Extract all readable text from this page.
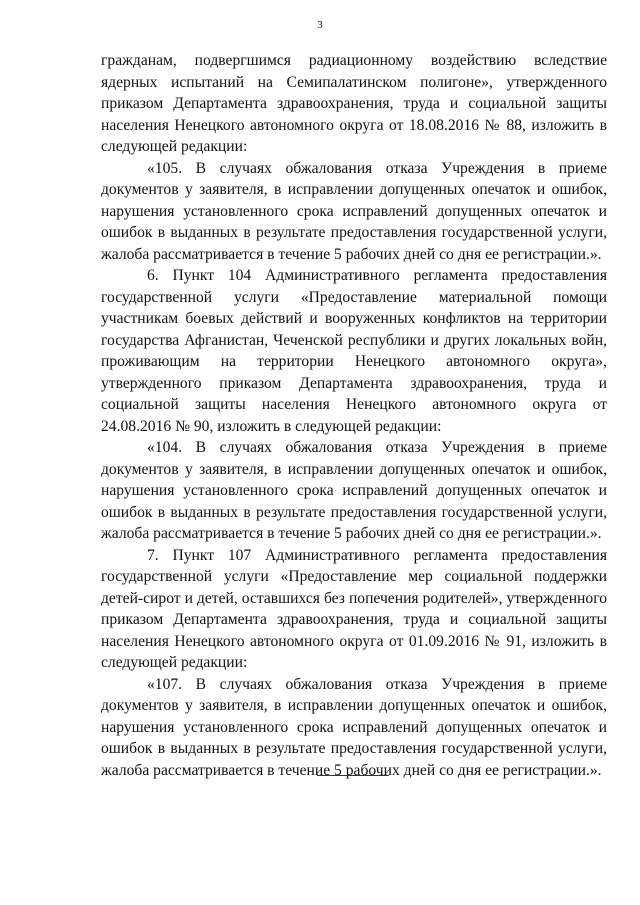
3

гражданам, подвергшимся радиационному воздействию вследствие ядерных испытаний на Семипалатинском полигоне», утвержденного приказом Департамента здравоохранения, труда и социальной защиты населения Ненецкого автономного округа от 18.08.2016 № 88, изложить в следующей редакции:

«105. В случаях обжалования отказа Учреждения в приеме документов у заявителя, в исправлении допущенных опечаток и ошибок, нарушения установленного срока исправлений допущенных опечаток и ошибок в выданных в результате предоставления государственной услуги, жалоба рассматривается в течение 5 рабочих дней со дня ее регистрации.».

6. Пункт 104 Административного регламента предоставления государственной услуги «Предоставление материальной помощи участникам боевых действий и вооруженных конфликтов на территории государства Афганистан, Чеченской республики и других локальных войн, проживающим на территории Ненецкого автономного округа», утвержденного приказом Департамента здравоохранения, труда и социальной защиты населения Ненецкого автономного округа от 24.08.2016 № 90, изложить в следующей редакции:

«104. В случаях обжалования отказа Учреждения в приеме документов у заявителя, в исправлении допущенных опечаток и ошибок, нарушения установленного срока исправлений допущенных опечаток и ошибок в выданных в результате предоставления государственной услуги, жалоба рассматривается в течение 5 рабочих дней со дня ее регистрации.».

7. Пункт 107 Административного регламента предоставления государственной услуги «Предоставление мер социальной поддержки детей-сирот и детей, оставшихся без попечения родителей», утвержденного приказом Департамента здравоохранения, труда и социальной защиты населения Ненецкого автономного округа от 01.09.2016 № 91, изложить в следующей редакции:

«107. В случаях обжалования отказа Учреждения в приеме документов у заявителя, в исправлении допущенных опечаток и ошибок, нарушения установленного срока исправлений допущенных опечаток и ошибок в выданных в результате предоставления государственной услуги, жалоба рассматривается в течение 5 рабочих дней со дня ее регистрации.».
